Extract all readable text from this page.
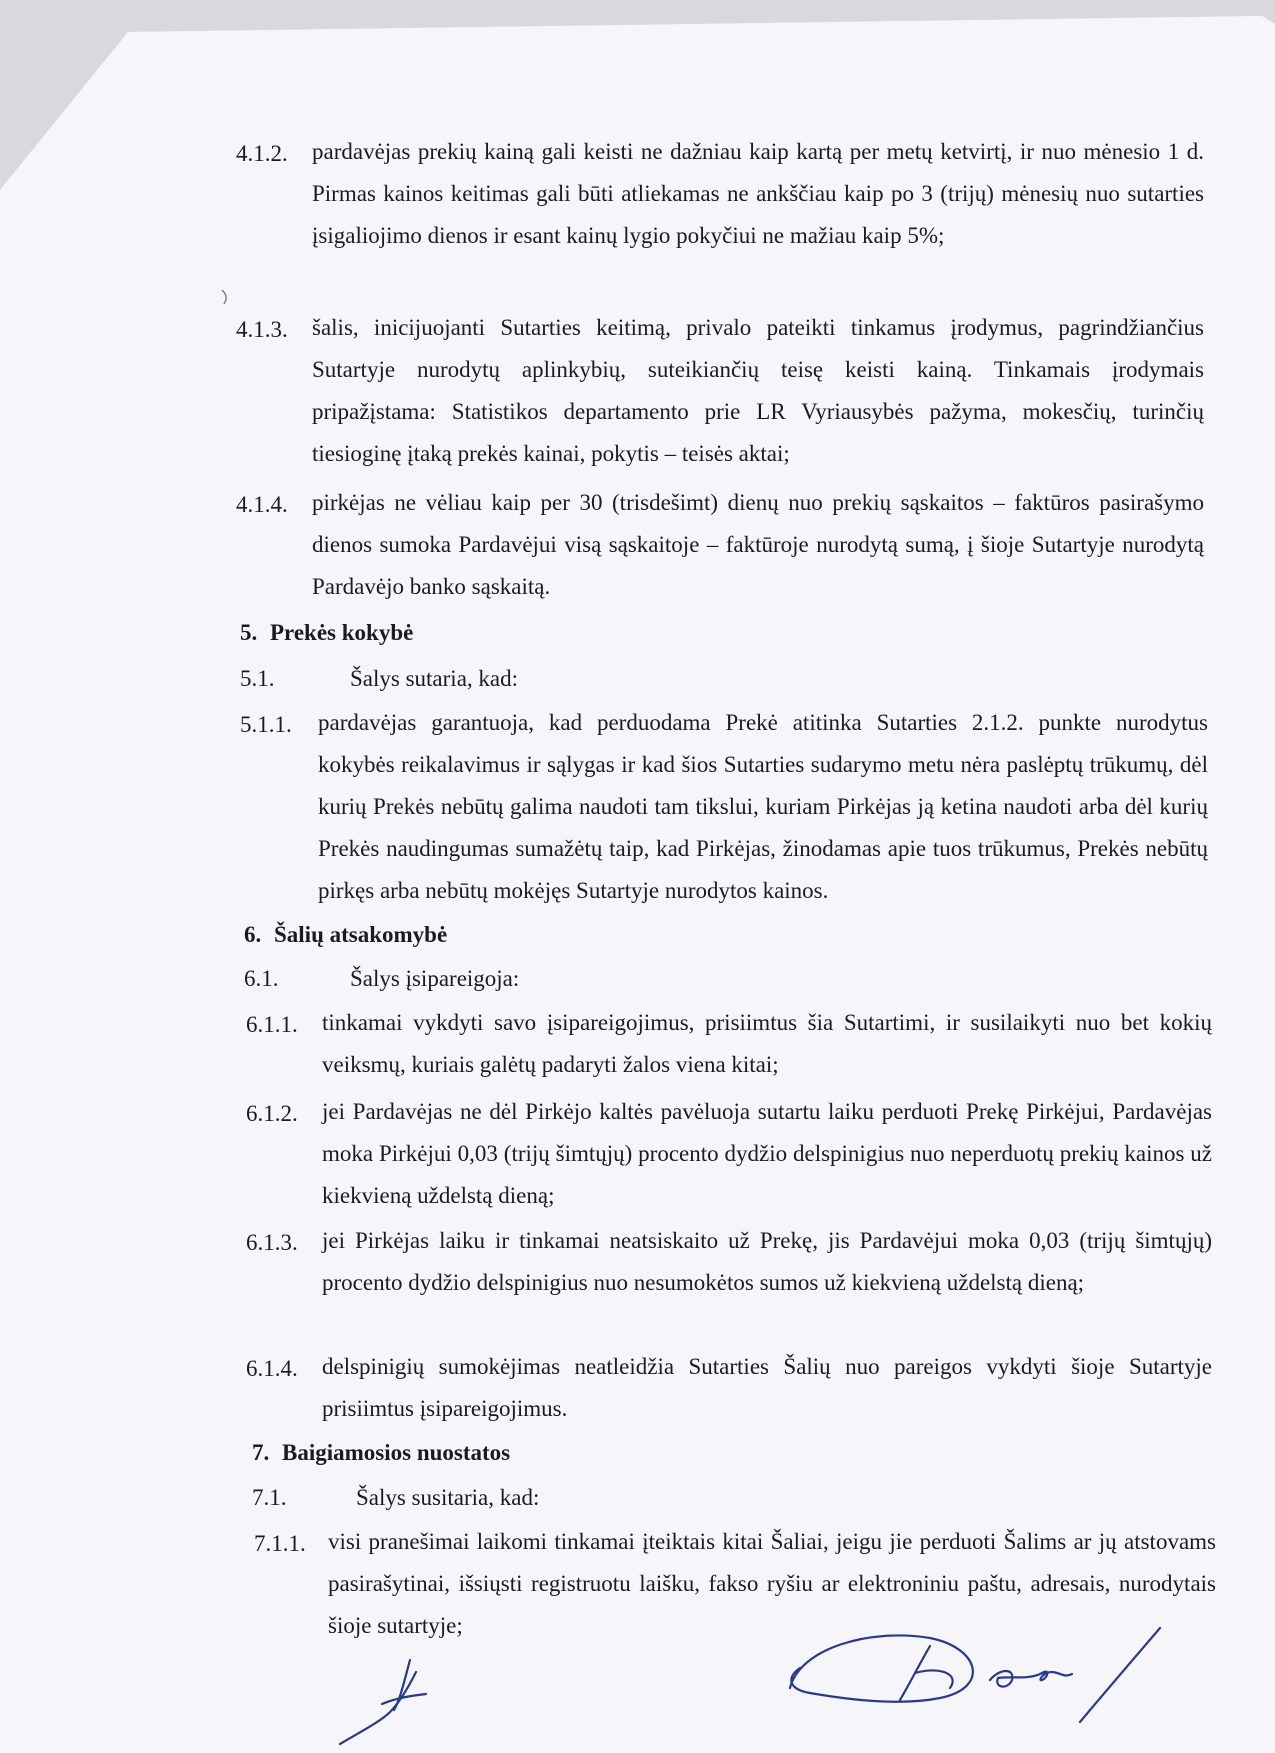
4.1.2. pardavėjas prekių kainą gali keisti ne dažniau kaip kartą per metų ketvirtį, ir nuo mėnesio 1 d. Pirmas kainos keitimas gali būti atliekamas ne ankščiau kaip po 3 (trijų) mėnesių nuo sutarties įsigaliojimo dienos ir esant kainų lygio pokyčiui ne mažiau kaip 5%;
4.1.3. šalis, inicijuojanti Sutarties keitimą, privalo pateikti tinkamus įrodymus, pagrindžiančius Sutartyje nurodytų aplinkybių, suteikiančių teisę keisti kainą. Tinkamais įrodymais pripažįstama: Statistikos departamento prie LR Vyriausybės pažyma, mokesčių, turinčių tiesioginę įtaką prekės kainai, pokytis – teisės aktai;
4.1.4. pirkėjas ne vėliau kaip per 30 (trisdešimt) dienų nuo prekių sąskaitos – faktūros pasirašymo dienos sumoka Pardavėjui visą sąskaitoje – faktūroje nurodytą sumą, į šioje Sutartyje nurodytą Pardavėjo banko sąskaitą.
5. Prekės kokybė
5.1.	Šalys sutaria, kad:
5.1.1. pardavėjas garantuoja, kad perduodama Prekė atitinka Sutarties 2.1.2. punkte nurodytus kokybės reikalavimus ir sąlygas ir kad šios Sutarties sudarymo metu nėra paslėptų trūkumų, dėl kurių Prekės nebūtų galima naudoti tam tikslui, kuriam Pirkėjas ją ketina naudoti arba dėl kurių Prekės naudingumas sumažėtų taip, kad Pirkėjas, žinodamas apie tuos trūkumus, Prekės nebūtų pirkęs arba nebūtų mokėjęs Sutartyje nurodytos kainos.
6. Šalių atsakomybė
6.1.	Šalys įsipareigoja:
6.1.1. tinkamai vykdyti savo įsipareigojimus, prisiimtus šia Sutartimi, ir susilaikyti nuo bet kokių veiksmų, kuriais galėtų padaryti žalos viena kitai;
6.1.2. jei Pardavėjas ne dėl Pirkėjo kaltės pavėluoja sutartu laiku perduoti Prekę Pirkėjui, Pardavėjas moka Pirkėjui 0,03 (trijų šimtųjų) procento dydžio delspinigius nuo neperduotų prekių kainos už kiekvieną uždelstą dieną;
6.1.3. jei Pirkėjas laiku ir tinkamai neatsiskaito už Prekę, jis Pardavėjui moka 0,03 (trijų šimtųjų) procento dydžio delspinigius nuo nesumokėtos sumos už kiekvieną uždelstą dieną;
6.1.4. delspinigių sumokėjimas neatleidžia Sutarties Šalių nuo pareigos vykdyti šioje Sutartyje prisiimtus įsipareigojimus.
7. Baigiamosios nuostatos
7.1.	Šalys susitaria, kad:
7.1.1. visi pranešimai laikomi tinkamai įteiktais kitai Šaliai, jeigu jie perduoti Šalims ar jų atstovams pasirašytinai, išsiųsti registruotu laišku, fakso ryšiu ar elektroniniu paštu, adresais, nurodytais šioje sutartyje;
